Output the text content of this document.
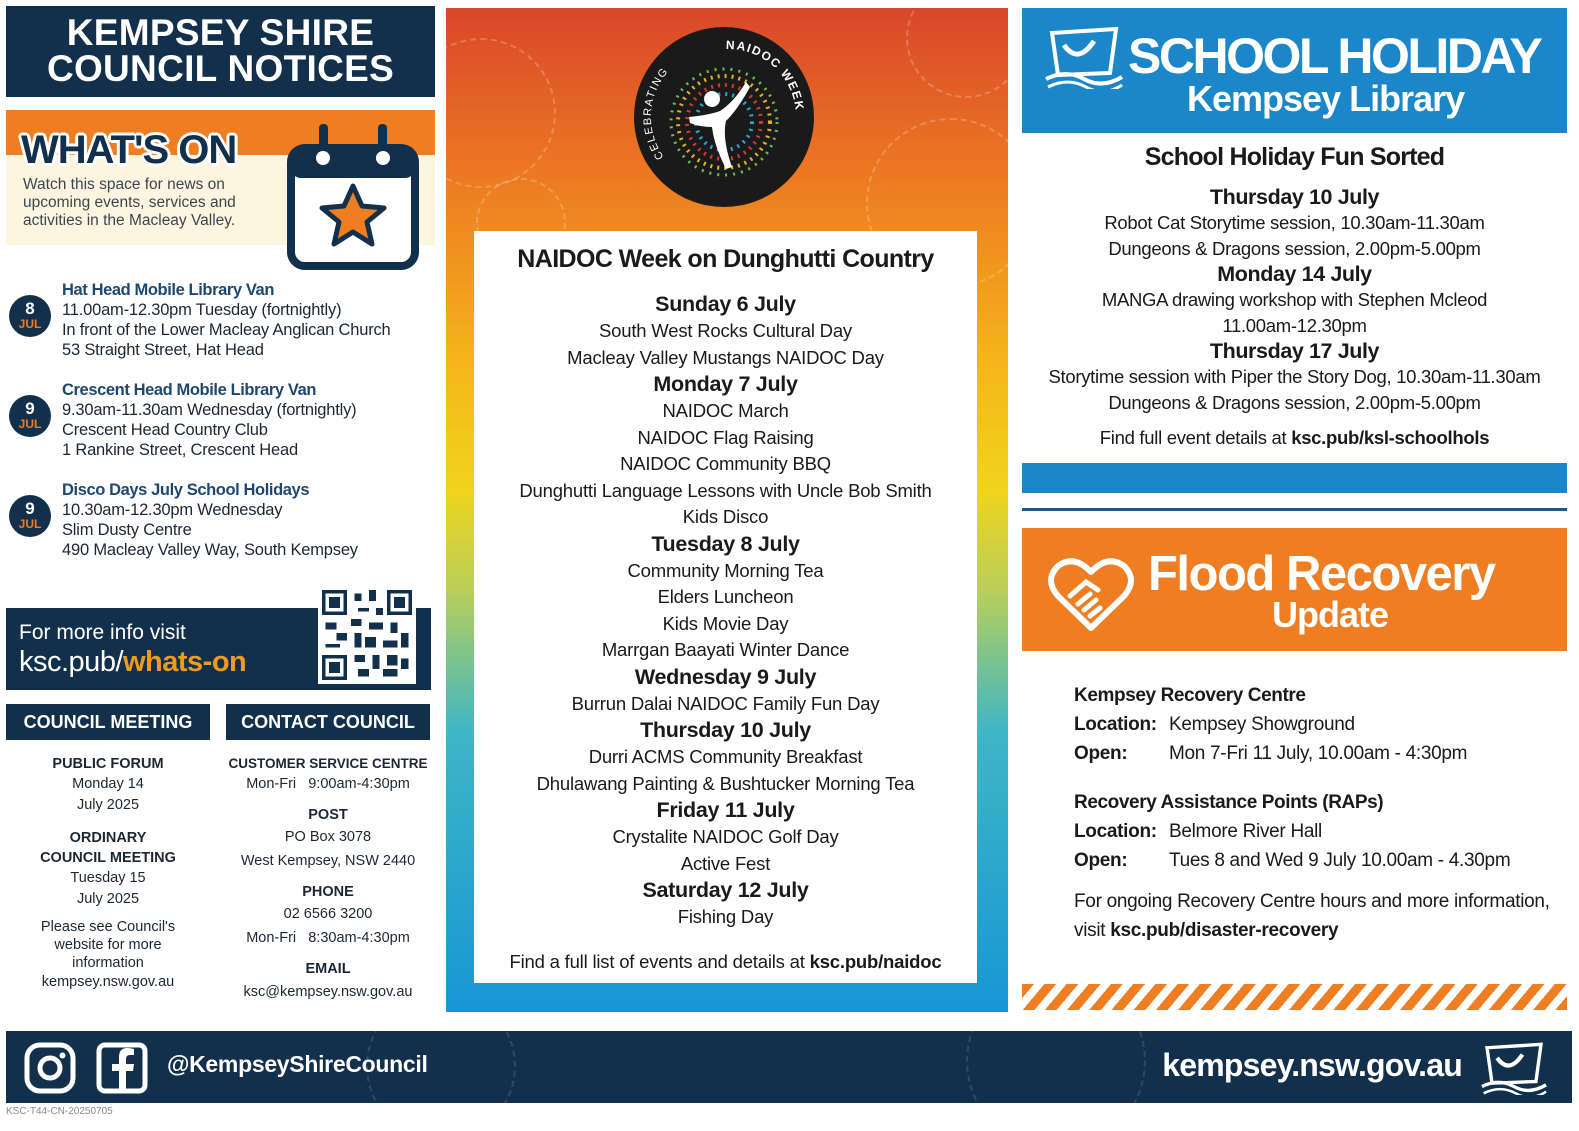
KEMPSEY SHIRE
COUNCIL NOTICES
WHAT'S ON
Watch this space for news on upcoming events, services and activities in the Macleay Valley.
8
JUL
Hat Head Mobile Library Van
11.00am-12.30pm Tuesday (fortnightly)
In front of the Lower Macleay Anglican Church
53 Straight Street, Hat Head
9
JUL
Crescent Head Mobile Library Van
9.30am-11.30am Wednesday (fortnightly)
Crescent Head Country Club
1 Rankine Street, Crescent Head
9
JUL
Disco Days July School Holidays
10.30am-12.30pm Wednesday
Slim Dusty Centre
490 Macleay Valley Way, South Kempsey
For more info visit
ksc.pub/whats-on
COUNCIL MEETING
PUBLIC FORUM
Monday 14
July 2025
ORDINARY
COUNCIL MEETING
Tuesday 15
July 2025
Please see Council's
website for more
information
kempsey.nsw.gov.au
CONTACT COUNCIL
CUSTOMER SERVICE CENTRE
Mon-Fri   9:00am-4:30pm
POST
PO Box 3078
West Kempsey, NSW 2440
PHONE
02 6566 3200
Mon-Fri   8:30am-4:30pm
EMAIL
ksc@kempsey.nsw.gov.au
CELEBRATING
NAIDOC WEEK
NAIDOC Week on Dunghutti Country
Sunday 6 July
South West Rocks Cultural Day
Macleay Valley Mustangs NAIDOC Day
Monday 7 July
NAIDOC March
NAIDOC Flag Raising
NAIDOC Community BBQ
Dunghutti Language Lessons with Uncle Bob Smith
Kids Disco
Tuesday 8 July
Community Morning Tea
Elders Luncheon
Kids Movie Day
Marrgan Baayati Winter Dance
Wednesday 9 July
Burrun Dalai NAIDOC Family Fun Day
Thursday 10 July
Durri ACMS Community Breakfast
Dhulawang Painting & Bushtucker Morning Tea
Friday 11 July
Crystalite NAIDOC Golf Day
Active Fest
Saturday 12 July
Fishing Day
Find a full list of events and details at ksc.pub/naidoc
SCHOOL HOLIDAY
Kempsey Library
School Holiday Fun Sorted
Thursday 10 July
Robot Cat Storytime session, 10.30am-11.30am
Dungeons & Dragons session, 2.00pm-5.00pm
Monday 14 July
MANGA drawing workshop with Stephen Mcleod
11.00am-12.30pm
Thursday 17 July
Storytime session with Piper the Story Dog, 10.30am-11.30am
Dungeons & Dragons session, 2.00pm-5.00pm
Find full event details at ksc.pub/ksl-schoolhols
Flood Recovery
Update
Kempsey Recovery Centre
Location: Kempsey Showground
Open:	Mon 7-Fri 11 July, 10.00am - 4:30pm
Recovery Assistance Points (RAPs)
Location: Belmore River Hall
Open:	Tues 8 and Wed 9 July 10.00am - 4.30pm
For ongoing Recovery Centre hours and more information, visit ksc.pub/disaster-recovery
@KempseyShireCouncil	kempsey.nsw.gov.au
KSC-T44-CN-20250705
